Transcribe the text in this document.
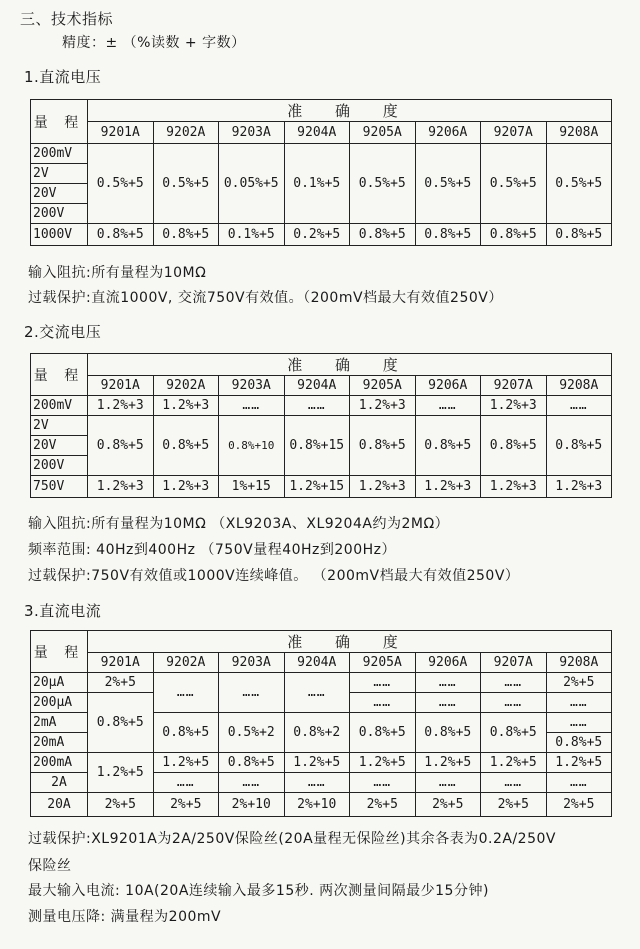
三、技术指标
精度：± （%读数 + 字数）
1.直流电压
量 程	准 确 度							
	9201A	9202A	9203A	9204A	9205A	9206A	9207A	9208A
200mV	0.5%+5	0.5%+5	0.05%+5	0.1%+5	0.5%+5	0.5%+5	0.5%+5	0.5%+5
2V								
20V								
200V								
1000V	0.8%+5	0.8%+5	0.1%+5	0.2%+5	0.8%+5	0.8%+5	0.8%+5	0.8%+5
输入阻抗:所有量程为10MΩ
过载保护:直流1000V, 交流750V有效值。（200mV档最大有效值250V）
2.交流电压
量 程	准 确 度							
	9201A	9202A	9203A	9204A	9205A	9206A	9207A	9208A
200mV	1.2%+3	1.2%+3	……	……	1.2%+3	……	1.2%+3	……
2V	0.8%+5	0.8%+5	0.8%+10	0.8%+15	0.8%+5	0.8%+5	0.8%+5	0.8%+5
20V								
200V								
750V	1.2%+3	1.2%+3	1%+15	1.2%+15	1.2%+3	1.2%+3	1.2%+3	1.2%+3
输入阻抗:所有量程为10MΩ （XL9203A、XL9204A约为2MΩ）
频率范围: 40Hz到400Hz （750V量程40Hz到200Hz）
过载保护:750V有效值或1000V连续峰值。 （200mV档最大有效值250V）
3.直流电流
量 程	准 确 度							
	9201A	9202A	9203A	9204A	9205A	9206A	9207A	9208A
20μA	2%+5	……	……	……	……	……	……	2%+5
200μA	0.8%+5				……	……	……	……
2mA		0.8%+5	0.5%+2	0.8%+2	0.8%+5	0.8%+5	0.8%+5	……
20mA								0.8%+5
200mA	1.2%+5	1.2%+5	0.8%+5	1.2%+5	1.2%+5	1.2%+5	1.2%+5	1.2%+5
2A		……	……	……	……	……	……	……
20A	2%+5	2%+5	2%+10	2%+10	2%+5	2%+5	2%+5	2%+5
过载保护:XL9201A为2A/250V保险丝(20A量程无保险丝)其余各表为0.2A/250V
保险丝
最大输入电流: 10A(20A连续输入最多15秒. 两次测量间隔最少15分钟)
测量电压降: 满量程为200mV
